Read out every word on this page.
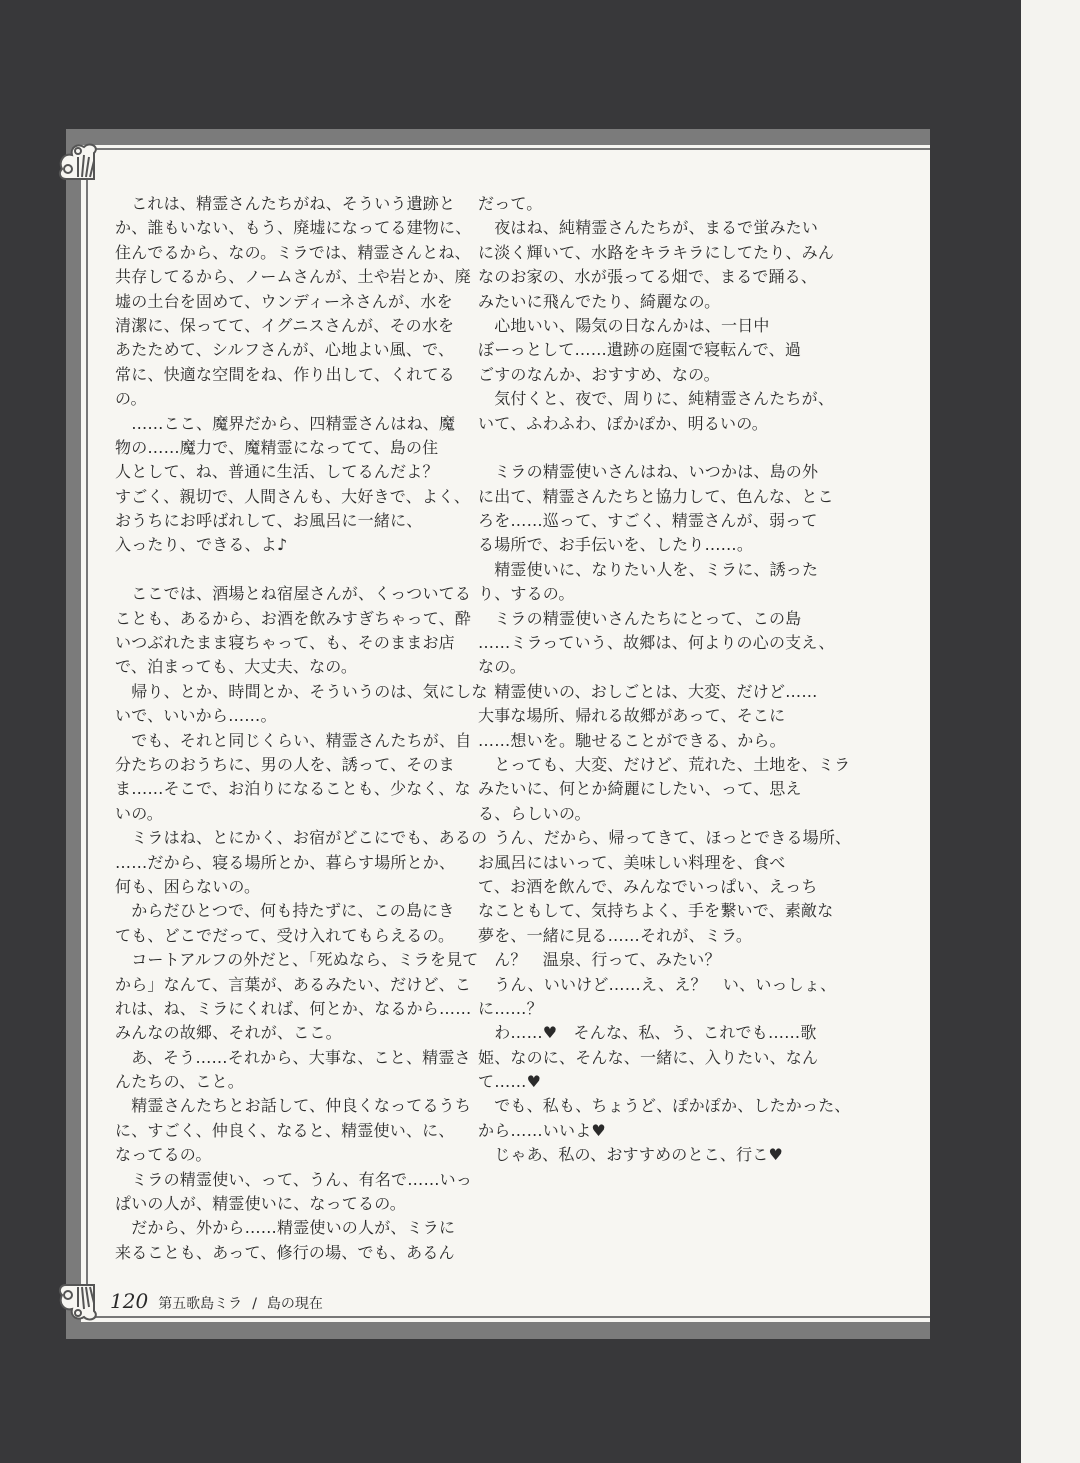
　これは、精霊さんたちがね、そういう遺跡と
か、誰もいない、もう、廃墟になってる建物に、
住んでるから、なの。ミラでは、精霊さんとね、
共存してるから、ノームさんが、土や岩とか、廃
墟の土台を固めて、ウンディーネさんが、水を
清潔に、保ってて、イグニスさんが、その水を
あたためて、シルフさんが、心地よい風、で、
常に、快適な空間をね、作り出して、くれてる
の。
　……ここ、魔界だから、四精霊さんはね、魔
物の……魔力で、魔精霊になってて、島の住
人として、ね、普通に生活、してるんだよ？
すごく、親切で、人間さんも、大好きで、よく、
おうちにお呼ばれして、お風呂に一緒に、
入ったり、できる、よ♪
　ここでは、酒場とね宿屋さんが、くっついてる
ことも、あるから、お酒を飲みすぎちゃって、酔
いつぶれたまま寝ちゃって、も、そのままお店
で、泊まっても、大丈夫、なの。
　帰り、とか、時間とか、そういうのは、気にしな
いで、いいから……。
　でも、それと同じくらい、精霊さんたちが、自
分たちのおうちに、男の人を、誘って、そのま
ま……そこで、お泊りになることも、少なく、な
いの。
　ミラはね、とにかく、お宿がどこにでも、あるの
……だから、寝る場所とか、暮らす場所とか、
何も、困らないの。
　からだひとつで、何も持たずに、この島にき
ても、どこでだって、受け入れてもらえるの。
　コートアルフの外だと、「死ぬなら、ミラを見て
から」なんて、言葉が、あるみたい、だけど、こ
れは、ね、ミラにくれば、何とか、なるから……
みんなの故郷、それが、ここ。
　あ、そう……それから、大事な、こと、精霊さ
んたちの、こと。
　精霊さんたちとお話して、仲良くなってるうち
に、すごく、仲良く、なると、精霊使い、に、
なってるの。
　ミラの精霊使い、って、うん、有名で……いっ
ぱいの人が、精霊使いに、なってるの。
　だから、外から……精霊使いの人が、ミラに
来ることも、あって、修行の場、でも、あるん
だって。
　夜はね、純精霊さんたちが、まるで蛍みたい
に淡く輝いて、水路をキラキラにしてたり、みん
なのお家の、水が張ってる畑で、まるで踊る、
みたいに飛んでたり、綺麗なの。
　心地いい、陽気の日なんかは、一日中
ぼーっとして……遺跡の庭園で寝転んで、過
ごすのなんか、おすすめ、なの。
　気付くと、夜で、周りに、純精霊さんたちが、
いて、ふわふわ、ぽかぽか、明るいの。
　ミラの精霊使いさんはね、いつかは、島の外
に出て、精霊さんたちと協力して、色んな、とこ
ろを……巡って、すごく、精霊さんが、弱って
る場所で、お手伝いを、したり……。
　精霊使いに、なりたい人を、ミラに、誘った
り、するの。
　ミラの精霊使いさんたちにとって、この島
……ミラっていう、故郷は、何よりの心の支え、
なの。
　精霊使いの、おしごとは、大変、だけど……
大事な場所、帰れる故郷があって、そこに
……想いを。馳せることができる、から。
　とっても、大変、だけど、荒れた、土地を、ミラ
みたいに、何とか綺麗にしたい、って、思え
る、らしいの。
　うん、だから、帰ってきて、ほっとできる場所、
お風呂にはいって、美味しい料理を、食べ
て、お酒を飲んで、みんなでいっぱい、えっち
なこともして、気持ちよく、手を繋いで、素敵な
夢を、一緒に見る……それが、ミラ。
　ん？　温泉、行って、みたい？
　うん、いいけど……え、え？　い、いっしょ、
に……？
　わ……♥　そんな、私、う、これでも……歌
姫、なのに、そんな、一緒に、入りたい、なん
て……♥
　でも、私も、ちょうど、ぽかぽか、したかった、
から……いいよ♥
　じゃあ、私の、おすすめのとこ、行こ♥
120 第五歌島ミラ / 島の現在
